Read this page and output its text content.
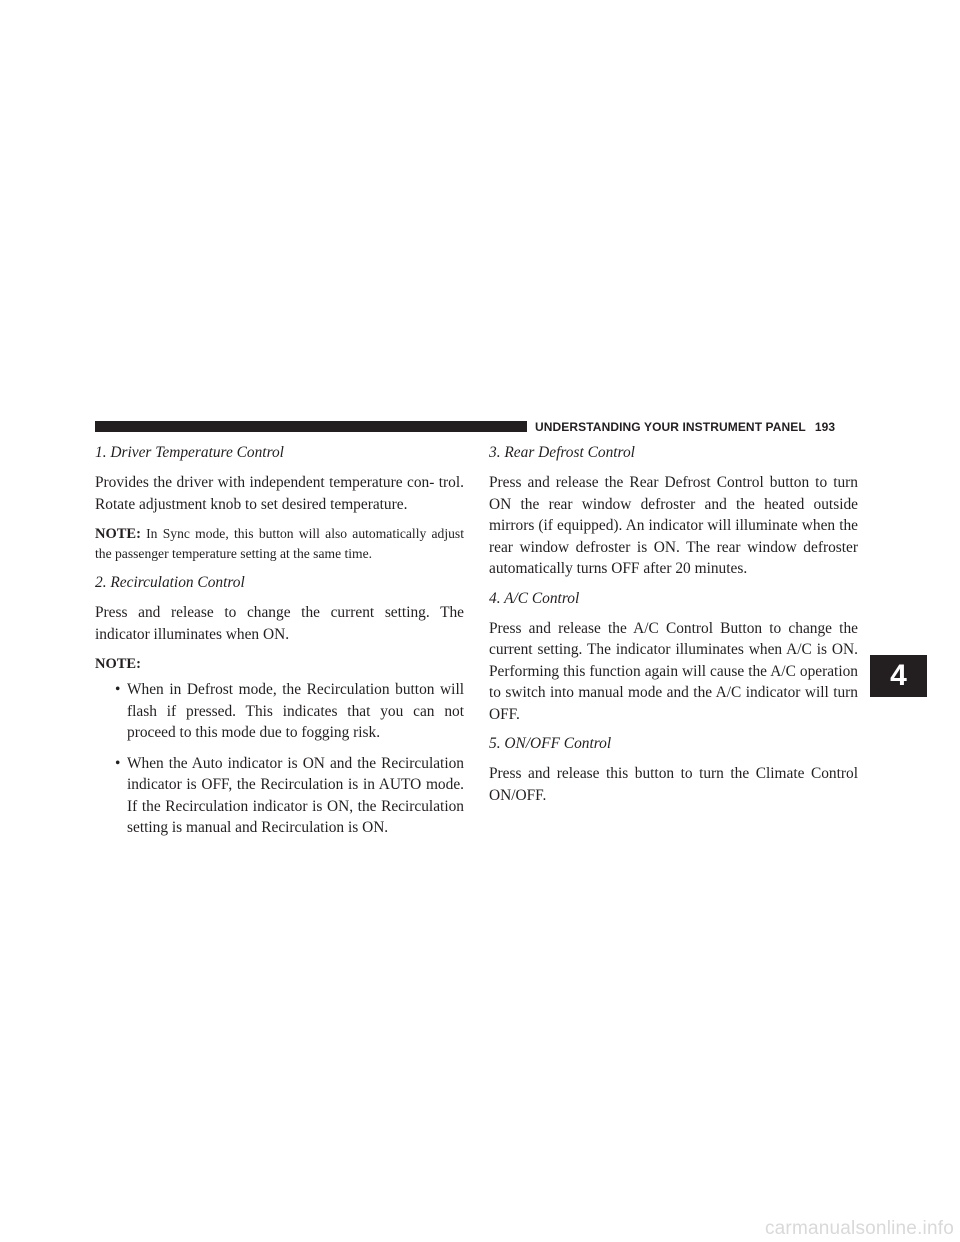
UNDERSTANDING YOUR INSTRUMENT PANEL 193

1. Driver Temperature Control

Provides the driver with independent temperature con- trol. Rotate adjustment knob to set desired temperature.

NOTE: In Sync mode, this button will also automatically adjust the passenger temperature setting at the same time.

2. Recirculation Control

Press and release to change the current setting. The indicator illuminates when ON.

NOTE:

• When in Defrost mode, the Recirculation button will flash if pressed. This indicates that you can not proceed to this mode due to fogging risk.
• When the Auto indicator is ON and the Recirculation indicator is OFF, the Recirculation is in AUTO mode. If the Recirculation indicator is ON, the Recirculation setting is manual and Recirculation is ON.

3. Rear Defrost Control

Press and release the Rear Defrost Control button to turn ON the rear window defroster and the heated outside mirrors (if equipped). An indicator will illuminate when the rear window defroster is ON. The rear window defroster automatically turns OFF after 20 minutes.

4. A/C Control

Press and release the A/C Control Button to change the current setting. The indicator illuminates when A/C is ON. Performing this function again will cause the A/C operation to switch into manual mode and the A/C indicator will turn OFF.

5. ON/OFF Control

Press and release this button to turn the Climate Control ON/OFF.

4
carmanualsonline.info
